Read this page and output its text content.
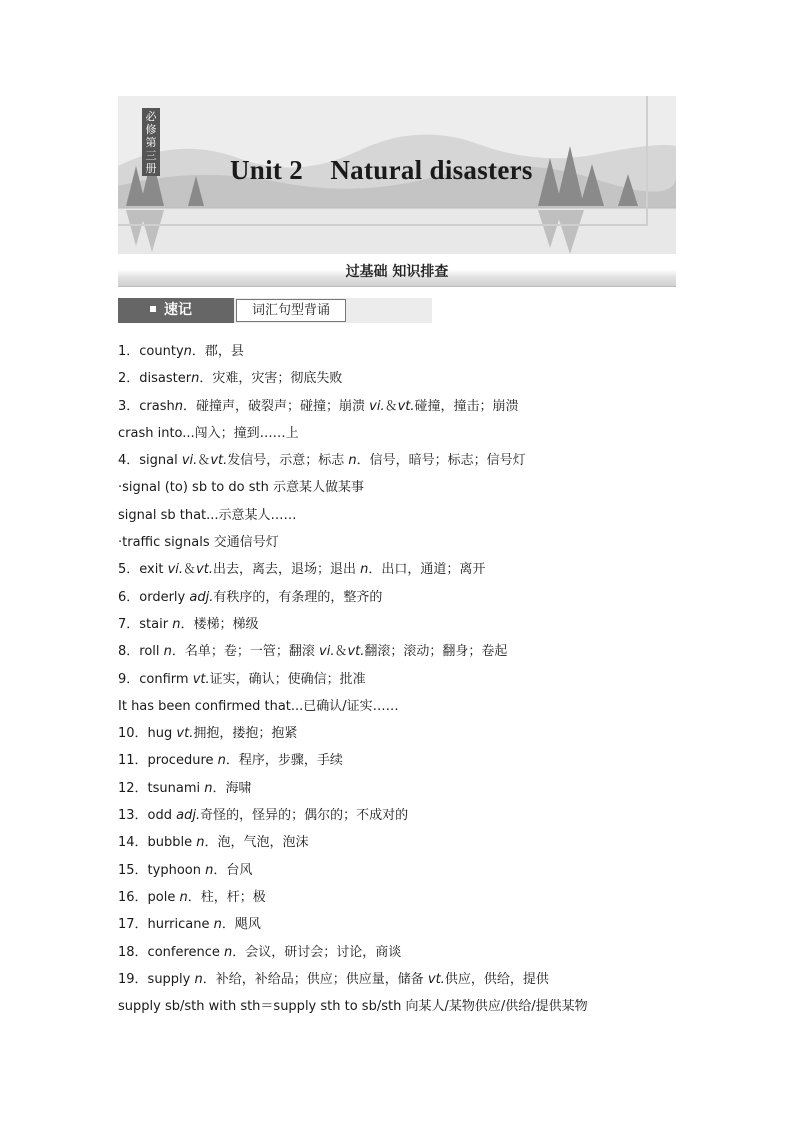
必
修
第
三
册	Unit 2　Natural disasters
过基础 知识排查
速记	词汇句型背诵
1．countyn．郡，县
2．disastern．灾难，灾害；彻底失败
3．crashn．碰撞声，破裂声；碰撞；崩溃 vi.＆vt.碰撞，撞击；崩溃
crash into...闯入；撞到……上
4．signal vi.＆vt.发信号，示意；标志 n．信号，暗号；标志；信号灯
·signal (to) sb to do sth 示意某人做某事
signal sb that...示意某人……
·traffic signals 交通信号灯
5．exit vi.＆vt.出去，离去，退场；退出 n．出口，通道；离开
6．orderly adj.有秩序的，有条理的，整齐的
7．stair n．楼梯；梯级
8．roll n．名单；卷；一管；翻滚 vi.＆vt.翻滚；滚动；翻身；卷起
9．confirm vt.证实，确认；使确信；批准
It has been confirmed that...已确认/证实……
10．hug vt.拥抱，搂抱；抱紧
11．procedure n．程序，步骤，手续
12．tsunami n．海啸
13．odd adj.奇怪的，怪异的；偶尔的；不成对的
14．bubble n．泡，气泡，泡沫
15．typhoon n．台风
16．pole n．柱，杆；极
17．hurricane n．飓风
18．conference n．会议，研讨会；讨论，商谈
19．supply n．补给，补给品；供应；供应量，储备 vt.供应，供给，提供
supply sb/sth with sth＝supply sth to sb/sth 向某人/某物供应/供给/提供某物
